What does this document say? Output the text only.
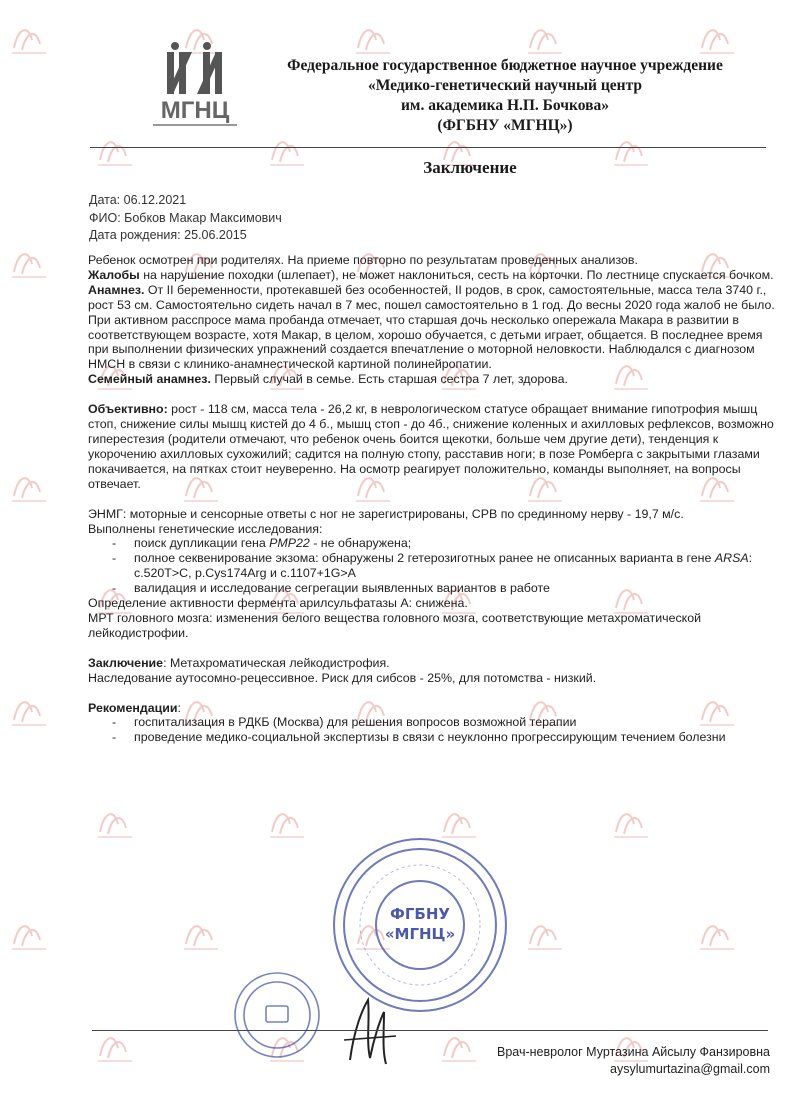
МГНЦ
Федеральное государственное бюджетное научное учреждение
«Медико-генетический научный центр
им. академика Н.П. Бочкова»
(ФГБНУ «МГНЦ»)
Заключение
Дата: 06.12.2021
ФИО: Бобков Макар Максимович
Дата рождения: 25.06.2015

Ребенок осмотрен при родителях. На приеме повторно по результатам проведенных анализов.

Жалобы на нарушение походки (шлепает), не может наклониться, сесть на корточки. По лестнице спускается бочком.

Анамнез. От II беременности, протекавшей без особенностей, II родов, в срок, самостоятельные, масса тела 3740 г., рост 53 см. Самостоятельно сидеть начал в 7 мес, пошел самостоятельно в 1 год. До весны 2020 года жалоб не было. При активном расспросе мама пробанда отмечает, что старшая дочь несколько опережала Макара в развитии в соответствующем возрасте, хотя Макар, в целом, хорошо обучается, с детьми играет, общается. В последнее время при выполнении физических упражнений создается впечатление о моторной неловкости. Наблюдался с диагнозом НМСН в связи с клинико-анамнестической картиной полинейропатии.

Семейный анамнез. Первый случай в семье. Есть старшая сестра 7 лет, здорова.

Объективно: рост - 118 см, масса тела - 26,2 кг, в неврологическом статусе обращает внимание гипотрофия мышц стоп, снижение силы мышц кистей до 4 б., мышц стоп - до 4б., снижение коленных и ахилловых рефлексов, возможно гиперестезия (родители отмечают, что ребенок очень боится щекотки, больше чем другие дети), тенденция к укорочению ахилловых сухожилий; садится на полную стопу, расставив ноги; в позе Ромберга с закрытыми глазами покачивается, на пятках стоит неуверенно. На осмотр реагирует положительно, команды выполняет, на вопросы отвечает.

ЭНМГ: моторные и сенсорные ответы с ног не зарегистрированы, СРВ по срединному нерву - 19,7 м/с.

Выполнены генетические исследования:

- поиск дупликации гена PMP22 - не обнаружена;
- полное секвенирование экзома: обнаружены 2 гетерозиготных ранее не описанных варианта в гене ARSA: c.520T>C, p.Cys174Arg и c.1107+1G>A
- валидация и исследование сегрегации выявленных вариантов в работе

Определение активности фермента арилсульфатазы А: снижена.

МРТ головного мозга: изменения белого вещества головного мозга, соответствующие метахроматической лейкодистрофии.

Заключение: Метахроматическая лейкодистрофия.

Наследование аутосомно-рецессивное. Риск для сибсов - 25%, для потомства - низкий.

Рекомендации:

- госпитализация в РДКБ (Москва) для решения вопросов возможной терапии
- проведение медико-социальной экспертизы в связи с неуклонно прогрессирующим течением болезни
ФГБНУ
«МГНЦ»
Врач-невролог Муртазина Айсылу Фанзировна
aysylumurtazina@gmail.com
